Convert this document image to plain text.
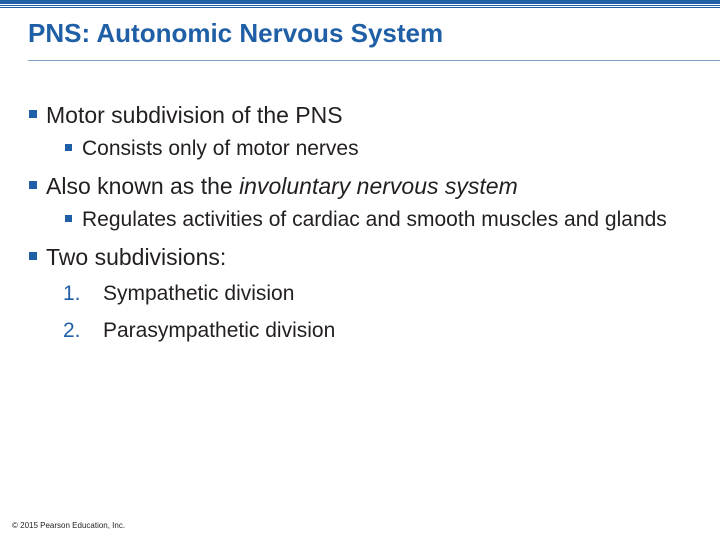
PNS: Autonomic Nervous System
Motor subdivision of the PNS
Consists only of motor nerves
Also known as the involuntary nervous system
Regulates activities of cardiac and smooth muscles and glands
Two subdivisions:
1. Sympathetic division
2. Parasympathetic division
© 2015 Pearson Education, Inc.
